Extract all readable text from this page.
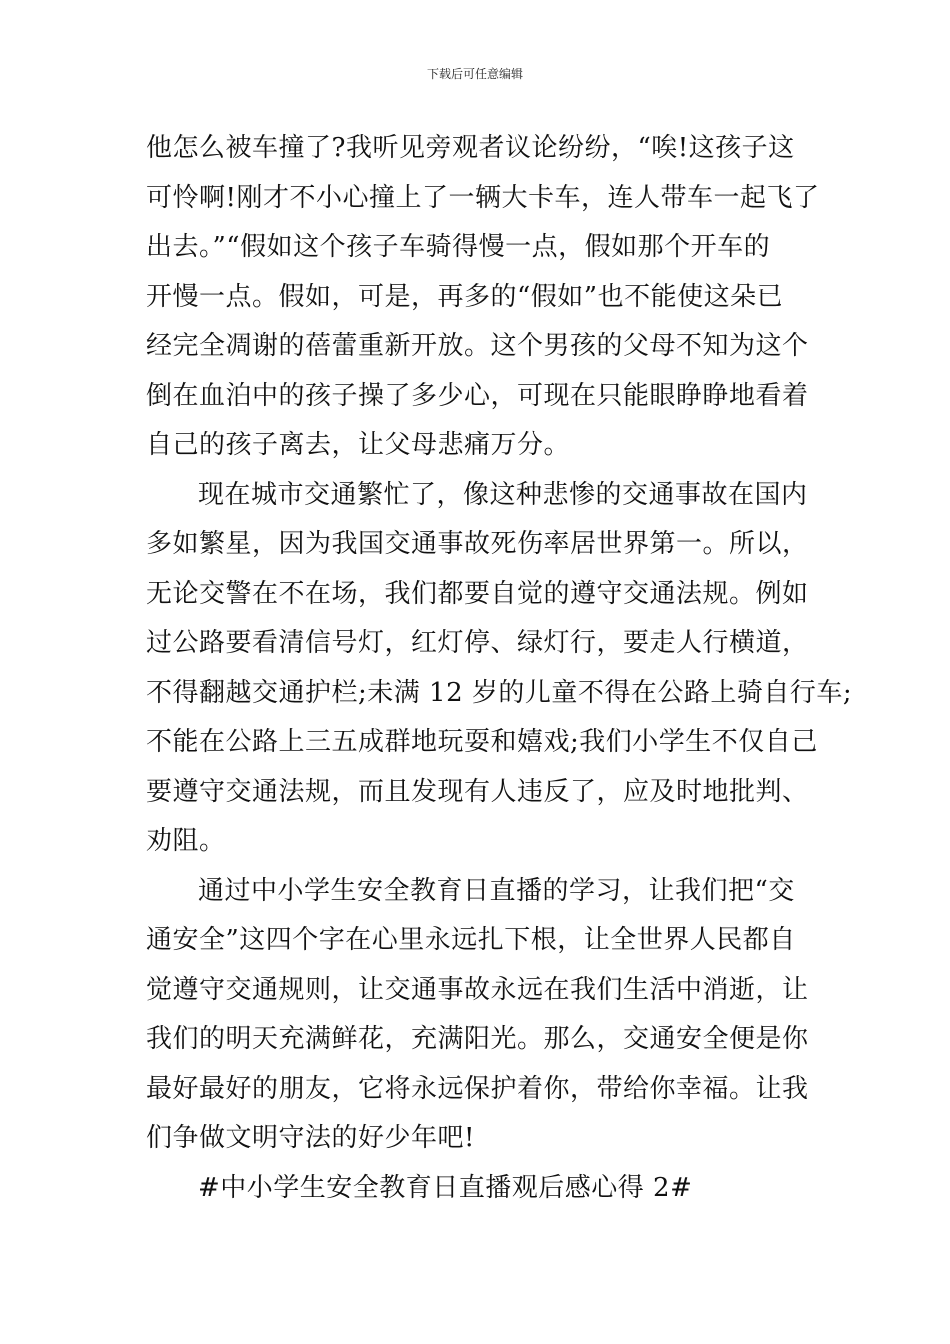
下载后可任意编辑
他怎么被车撞了?我听见旁观者议论纷纷，“唉!这孩子这
可怜啊!刚才不小心撞上了一辆大卡车，连人带车一起飞了
出去。”“假如这个孩子车骑得慢一点，假如那个开车的
开慢一点。假如，可是，再多的“假如”也不能使这朵已
经完全凋谢的蓓蕾重新开放。这个男孩的父母不知为这个
倒在血泊中的孩子操了多少心，可现在只能眼睁睁地看着
自己的孩子离去，让父母悲痛万分。
现在城市交通繁忙了，像这种悲惨的交通事故在国内
多如繁星，因为我国交通事故死伤率居世界第一。所以，
无论交警在不在场，我们都要自觉的遵守交通法规。例如
过公路要看清信号灯，红灯停、绿灯行，要走人行横道，
不得翻越交通护栏;未满 12 岁的儿童不得在公路上骑自行车;
不能在公路上三五成群地玩耍和嬉戏;我们小学生不仅自己
要遵守交通法规，而且发现有人违反了，应及时地批判、
劝阻。
通过中小学生安全教育日直播的学习，让我们把“交
通安全”这四个字在心里永远扎下根，让全世界人民都自
觉遵守交通规则，让交通事故永远在我们生活中消逝，让
我们的明天充满鲜花，充满阳光。那么，交通安全便是你
最好最好的朋友，它将永远保护着你，带给你幸福。让我
们争做文明守法的好少年吧!
#中小学生安全教育日直播观后感心得 2#
